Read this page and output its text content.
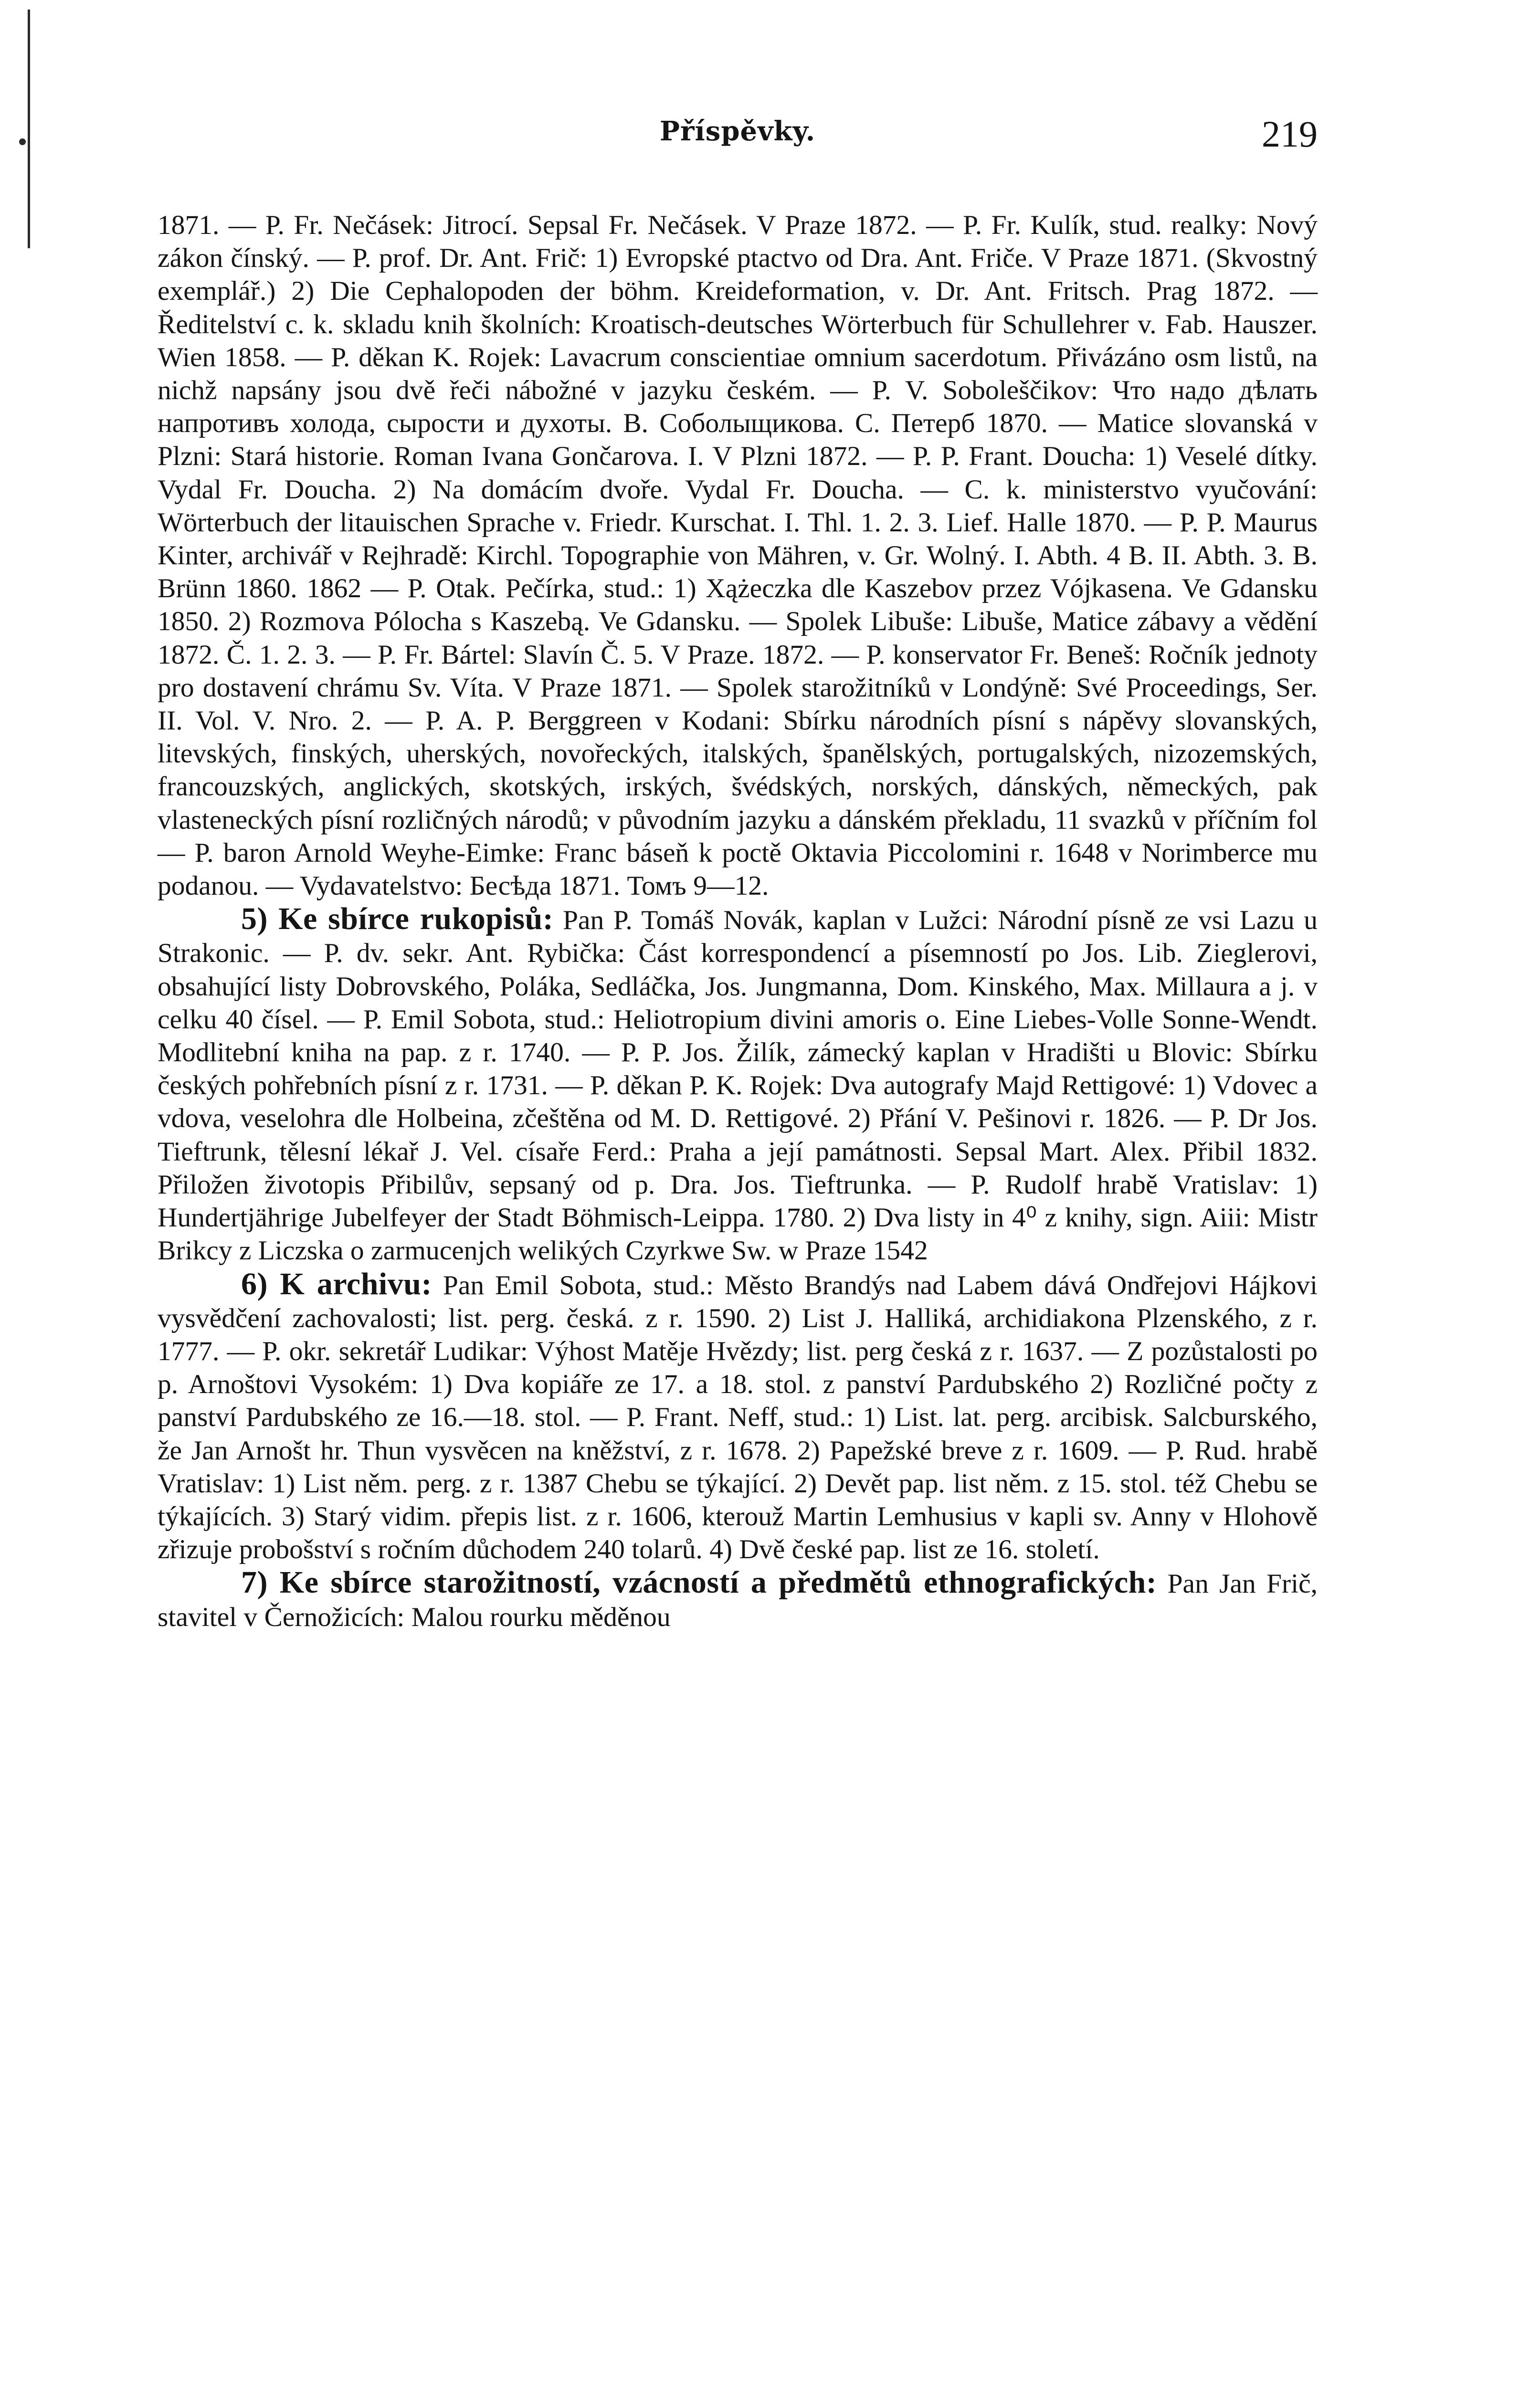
Příspěvky.	219

1871. — P. Fr. Nečásek: Jitrocí. Sepsal Fr. Nečásek. V Praze 1872. — P. Fr. Kulík, stud. realky: Nový zákon čínský. — P. prof. Dr. Ant. Frič: 1) Evropské ptactvo od Dra. Ant. Friče. V Praze 1871. (Skvostný exemplář.) 2) Die Cephalopoden der böhm. Kreideformation, v. Dr. Ant. Fritsch. Prag 1872. — Ředitelství c. k. skladu knih školních: Kroatisch-deutsches Wörterbuch für Schullehrer v. Fab. Hauszer. Wien 1858. — P. děkan K. Rojek: Lavacrum conscientiae omnium sacerdotum. Přivázáno osm listů, na nichž napsány jsou dvě řeči nábožné v jazyku českém. — P. V. Soboleščikov: Что надо дѣлать напротивъ холода, сырости и духоты. В. Соболыщикова. С. Петерб 1870. — Matice slovanská v Plzni: Stará historie. Roman Ivana Gončarova. I. V Plzni 1872. — P. P. Frant. Doucha: 1) Veselé dítky. Vydal Fr. Doucha. 2) Na domácím dvoře. Vydal Fr. Doucha. — C. k. ministerstvo vyučování: Wörterbuch der litauischen Sprache v. Friedr. Kurschat. I. Thl. 1. 2. 3. Lief. Halle 1870. — P. P. Maurus Kinter, archivář v Rejhradě: Kirchl. Topographie von Mähren, v. Gr. Wolný. I. Abth. 4 B. II. Abth. 3. B. Brünn 1860. 1862 — P. Otak. Pečírka, stud.: 1) Xążeczka dle Kaszebov przez Vójkasena. Ve Gdansku 1850. 2) Rozmova Pólocha s Kaszebą. Ve Gdansku. — Spolek Libuše: Libuše, Matice zábavy a vědění 1872. Č. 1. 2. 3. — P. Fr. Bártel: Slavín Č. 5. V Praze. 1872. — P. konservator Fr. Beneš: Ročník jednoty pro dostavení chrámu Sv. Víta. V Praze 1871. — Spolek starožitníků v Londýně: Své Proceedings, Ser. II. Vol. V. Nro. 2. — P. A. P. Berggreen v Kodani: Sbírku národních písní s nápěvy slovanských, litevských, finských, uherských, novořeckých, italských, španělských, portugalských, nizozemských, francouzských, anglických, skotských, irských, švédských, norských, dánských, německých, pak vlasteneckých písní rozličných národů; v původním jazyku a dánském překladu, 11 svazků v příčním fol — P. baron Arnold Weyhe-Eimke: Franc báseň k poctě Oktavia Piccolomini r. 1648 v Norimberce mu podanou. — Vydavatelstvo: Бесѣда 1871. Томъ 9—12.

5) Ke sbírce rukopisů: Pan P. Tomáš Novák, kaplan v Lužci: Národní písně ze vsi Lazu u Strakonic. — P. dv. sekr. Ant. Rybička: Část korrespondencí a písemností po Jos. Lib. Zieglerovi, obsahující listy Dobrovského, Poláka, Sedláčka, Jos. Jungmanna, Dom. Kinského, Max. Millaura a j. v celku 40 čísel. — P. Emil Sobota, stud.: Heliotropium divini amoris o. Eine Liebes-Volle Sonne-Wendt. Modlitební kniha na pap. z r. 1740. — P. P. Jos. Žilík, zámecký kaplan v Hradišti u Blovic: Sbírku českých pohřebních písní z r. 1731. — P. děkan P. K. Rojek: Dva autografy Majd Rettigové: 1) Vdovec a vdova, veselohra dle Holbeina, zčeštěna od M. D. Rettigové. 2) Přání V. Pešinovi r. 1826. — P. Dr Jos. Tieftrunk, tělesní lékař J. Vel. císaře Ferd.: Praha a její památnosti. Sepsal Mart. Alex. Přibil 1832. Přiložen životopis Přibilův, sepsaný od p. Dra. Jos. Tieftrunka. — P. Rudolf hrabě Vratislav: 1) Hundertjährige Jubelfeyer der Stadt Böhmisch-Leippa. 1780. 2) Dva listy in 4⁰ z knihy, sign. Aiii: Mistr Brikcy z Liczska o zarmucenjch welikých Czyrkwe Sw. w Praze 1542

6) K archivu: Pan Emil Sobota, stud.: Město Brandýs nad Labem dává Ondřejovi Hájkovi vysvědčení zachovalosti; list. perg. česká. z r. 1590. 2) List J. Halliká, archidiakona Plzenského, z r. 1777. — P. okr. sekretář Ludikar: Výhost Matěje Hvězdy; list. perg česká z r. 1637. — Z pozůstalosti po p. Arnoštovi Vysokém: 1) Dva kopiáře ze 17. a 18. stol. z panství Pardubského 2) Rozličné počty z panství Pardubského ze 16.—18. stol. — P. Frant. Neff, stud.: 1) List. lat. perg. arcibisk. Salcburského, že Jan Arnošt hr. Thun vysvěcen na kněžství, z r. 1678. 2) Papežské breve z r. 1609. — P. Rud. hrabě Vratislav: 1) List něm. perg. z r. 1387 Chebu se týkající. 2) Devět pap. list něm. z 15. stol. též Chebu se týkajících. 3) Starý vidim. přepis list. z r. 1606, kterouž Martin Lemhusius v kapli sv. Anny v Hlohově zřizuje probošství s ročním důchodem 240 tolarů. 4) Dvě české pap. list ze 16. století.

7) Ke sbírce starožitností, vzácností a předmětů ethnografických: Pan Jan Frič, stavitel v Černožicích: Malou rourku měděnou
